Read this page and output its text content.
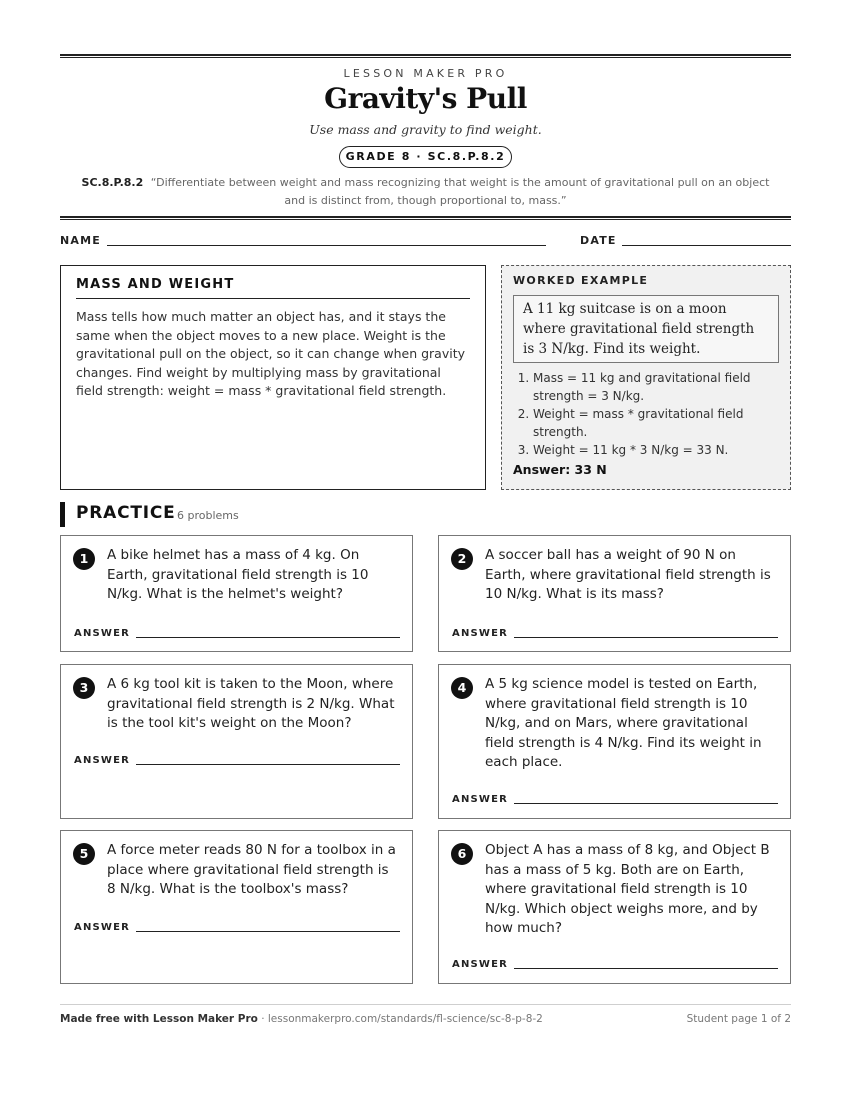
LESSON MAKER PRO
Gravity's Pull
Use mass and gravity to find weight.
GRADE 8 · SC.8.P.8.2
SC.8.P.8.2 “Differentiate between weight and mass recognizing that weight is the amount of gravitational pull on an object and is distinct from, though proportional to, mass.”
NAME	DATE
MASS AND WEIGHT

Mass tells how much matter an object has, and it stays the same when the object moves to a new place. Weight is the gravitational pull on the object, so it can change when gravity changes. Find weight by multiplying mass by gravitational field strength: weight = mass * gravitational field strength.

WORKED EXAMPLE
A 11 kg suitcase is on a moon where gravitational field strength is 3 N/kg. Find its weight.
1. Mass = 11 kg and gravitational field strength = 3 N/kg.
2. Weight = mass * gravitational field strength.
3. Weight = 11 kg * 3 N/kg = 33 N.
Answer: 33 N
PRACTICE 6 problems
1	A bike helmet has a mass of 4 kg. On Earth, gravitational field strength is 10 N/kg. What is the helmet's weight?
ANSWER
2	A soccer ball has a weight of 90 N on Earth, where gravitational field strength is 10 N/kg. What is its mass?
ANSWER
3	A 6 kg tool kit is taken to the Moon, where gravitational field strength is 2 N/kg. What is the tool kit's weight on the Moon?
ANSWER
4	A 5 kg science model is tested on Earth, where gravitational field strength is 10 N/kg, and on Mars, where gravitational field strength is 4 N/kg. Find its weight in each place.
ANSWER
5	A force meter reads 80 N for a toolbox in a place where gravitational field strength is 8 N/kg. What is the toolbox's mass?
ANSWER
6	Object A has a mass of 8 kg, and Object B has a mass of 5 kg. Both are on Earth, where gravitational field strength is 10 N/kg. Which object weighs more, and by how much?
ANSWER
Made free with Lesson Maker Pro · lessonmakerpro.com/standards/fl-science/sc-8-p-8-2	Student page 1 of 2
